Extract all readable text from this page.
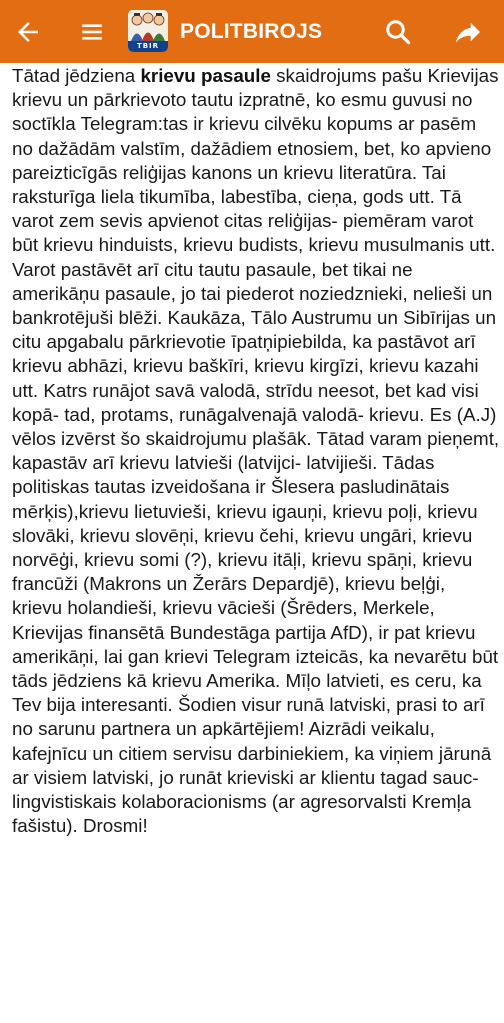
TBIR
POLITBIROJS

Tātad jēdziena krievu pasaule skaidrojums pašu Krievijas krievu un pārkrievoto tautu izpratnē, ko esmu guvusi no soctīkla Telegram:tas ir krievu cilvēku kopums ar pasēm no dažādām valstīm, dažādiem etnosiem, bet, ko apvieno pareizticīgās reliģijas kanons un krievu literatūra. Tai raksturīga liela tikumība, labestība, cieņa, gods utt. Tā varot zem sevis apvienot citas reliģijas- piemēram varot būt krievu hinduists, krievu budists, krievu musulmanis utt. Varot pastāvēt arī citu tautu pasaule, bet tikai ne amerikāņu pasaule, jo tai piederot noziedznieki, nelieši un bankrotējuši blēži. Kaukāza, Tālo Austrumu un Sibīrijas un citu apgabalu pārkrievotie īpatņipiebilda, ka pastāvot arī krievu abhāzi, krievu baškīri, krievu kirgīzi, krievu kazahi utt. Katrs runājot savā valodā, strīdu neesot, bet kad visi kopā- tad, protams, runāgalvenajā valodā- krievu. Es (A.J) vēlos izvērst šo skaidrojumu plašāk. Tātad varam pieņemt, kapastāv arī krievu latvieši (latvijci- latvijieši. Tādas politiskas tautas izveidošana ir Šlesera pasludinātais mērķis),krievu lietuvieši, krievu igauņi, krievu poļi, krievu slovāki, krievu slovēņi, krievu čehi, krievu ungāri, krievu norvēģi, krievu somi (?), krievu itāļi, krievu spāņi, krievu francūži (Makrons un Žerārs Depardjē), krievu beļģi, krievu holandieši, krievu vācieši (Šrēders, Merkele, Krievijas finansētā Bundestāga partija AfD), ir pat krievu amerikāņi, lai gan krievi Telegram izteicās, ka nevarētu būt tāds jēdziens kā krievu Amerika. Mīļo latvieti, es ceru, ka Tev bija interesanti. Šodien visur runā latviski, prasi to arī no sarunu partnera un apkārtējiem! Aizrādi veikalu, kafejnīcu un citiem servisu darbiniekiem, ka viņiem jārunā ar visiem latviski, jo runāt krieviski ar klientu tagad sauc- lingvistiskais kolaboracionisms (ar agresorvalsti Kremļa fašistu). Drosmi!
